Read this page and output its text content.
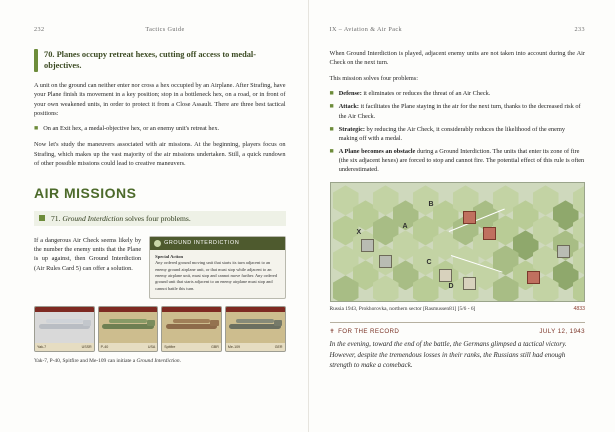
232	Tactics Guide
70. Planes occupy retreat hexes, cutting off access to medal-objectives.

A unit on the ground can neither enter nor cross a hex occupied by an Airplane. After Strafing, have your Plane finish its movement in a key position; stop in a bottleneck hex, on a road, or in front of your own weakened units, in order to protect it from a Close Assault. There are three best tactical positions:

■ On an Exit hex, a medal-objective hex, or an enemy unit's retreat hex.

Now let's study the maneuvers associated with air missions. At the beginning, players focus on Strafing, which makes up the vast majority of the air missions undertaken. Still, a quick rundown of other possible missions could lead to creative maneuvers.

AIR MISSIONS
71. Ground Interdiction solves four problems.

If a dangerous Air Check seems likely by the number the enemy units that the Plane is up against, then Ground Interdiction (Air Rules Card 5) can offer a solution.

GROUND INTERDICTION
Special Action
Any ordered ground moving unit that starts its turn adjacent to an enemy ground airplane unit, or that must stop while adjacent to an enemy airplane unit, must stop and cannot move further. Any ordered ground unit that starts adjacent to an enemy airplane must stop and cannot battle this turn.
Yak-7	USSR	P-40	USA	Spitfire	GBR	Me-109	GER
Yak-7, P-40, Spitfire and Me-109 can initiate a Ground Interdiction.
IX – Aviation & Air Pack	233

When Ground Interdiction is played, adjacent enemy units are not taken into account during the Air Check on the next turn.

This mission solves four problems:

■ Defense: it eliminates or reduces the threat of an Air Check.
■ Attack: it facilitates the Plane staying in the air for the next turn, thanks to the decreased risk of the Air Check.
■ Strategic: by reducing the Air Check, it considerably reduces the likelihood of the enemy making off with a medal.
■ A Plane becomes an obstacle during a Ground Interdiction. The units that enter its zone of fire (the six adjacent hexes) are forced to stop and cannot fire. The potential effect of this rule is often underestimated.
A
B
X
C
D
Russia 1943, Prokhorovka, northern sector [Rasmussen81] [5/6 - 6]	4833
✝ FOR THE RECORD	JULY 12, 1943
In the evening, toward the end of the battle, the Germans glimpsed a tactical victory. However, despite the tremendous losses in their ranks, the Russians still had enough strength to make a comeback.
